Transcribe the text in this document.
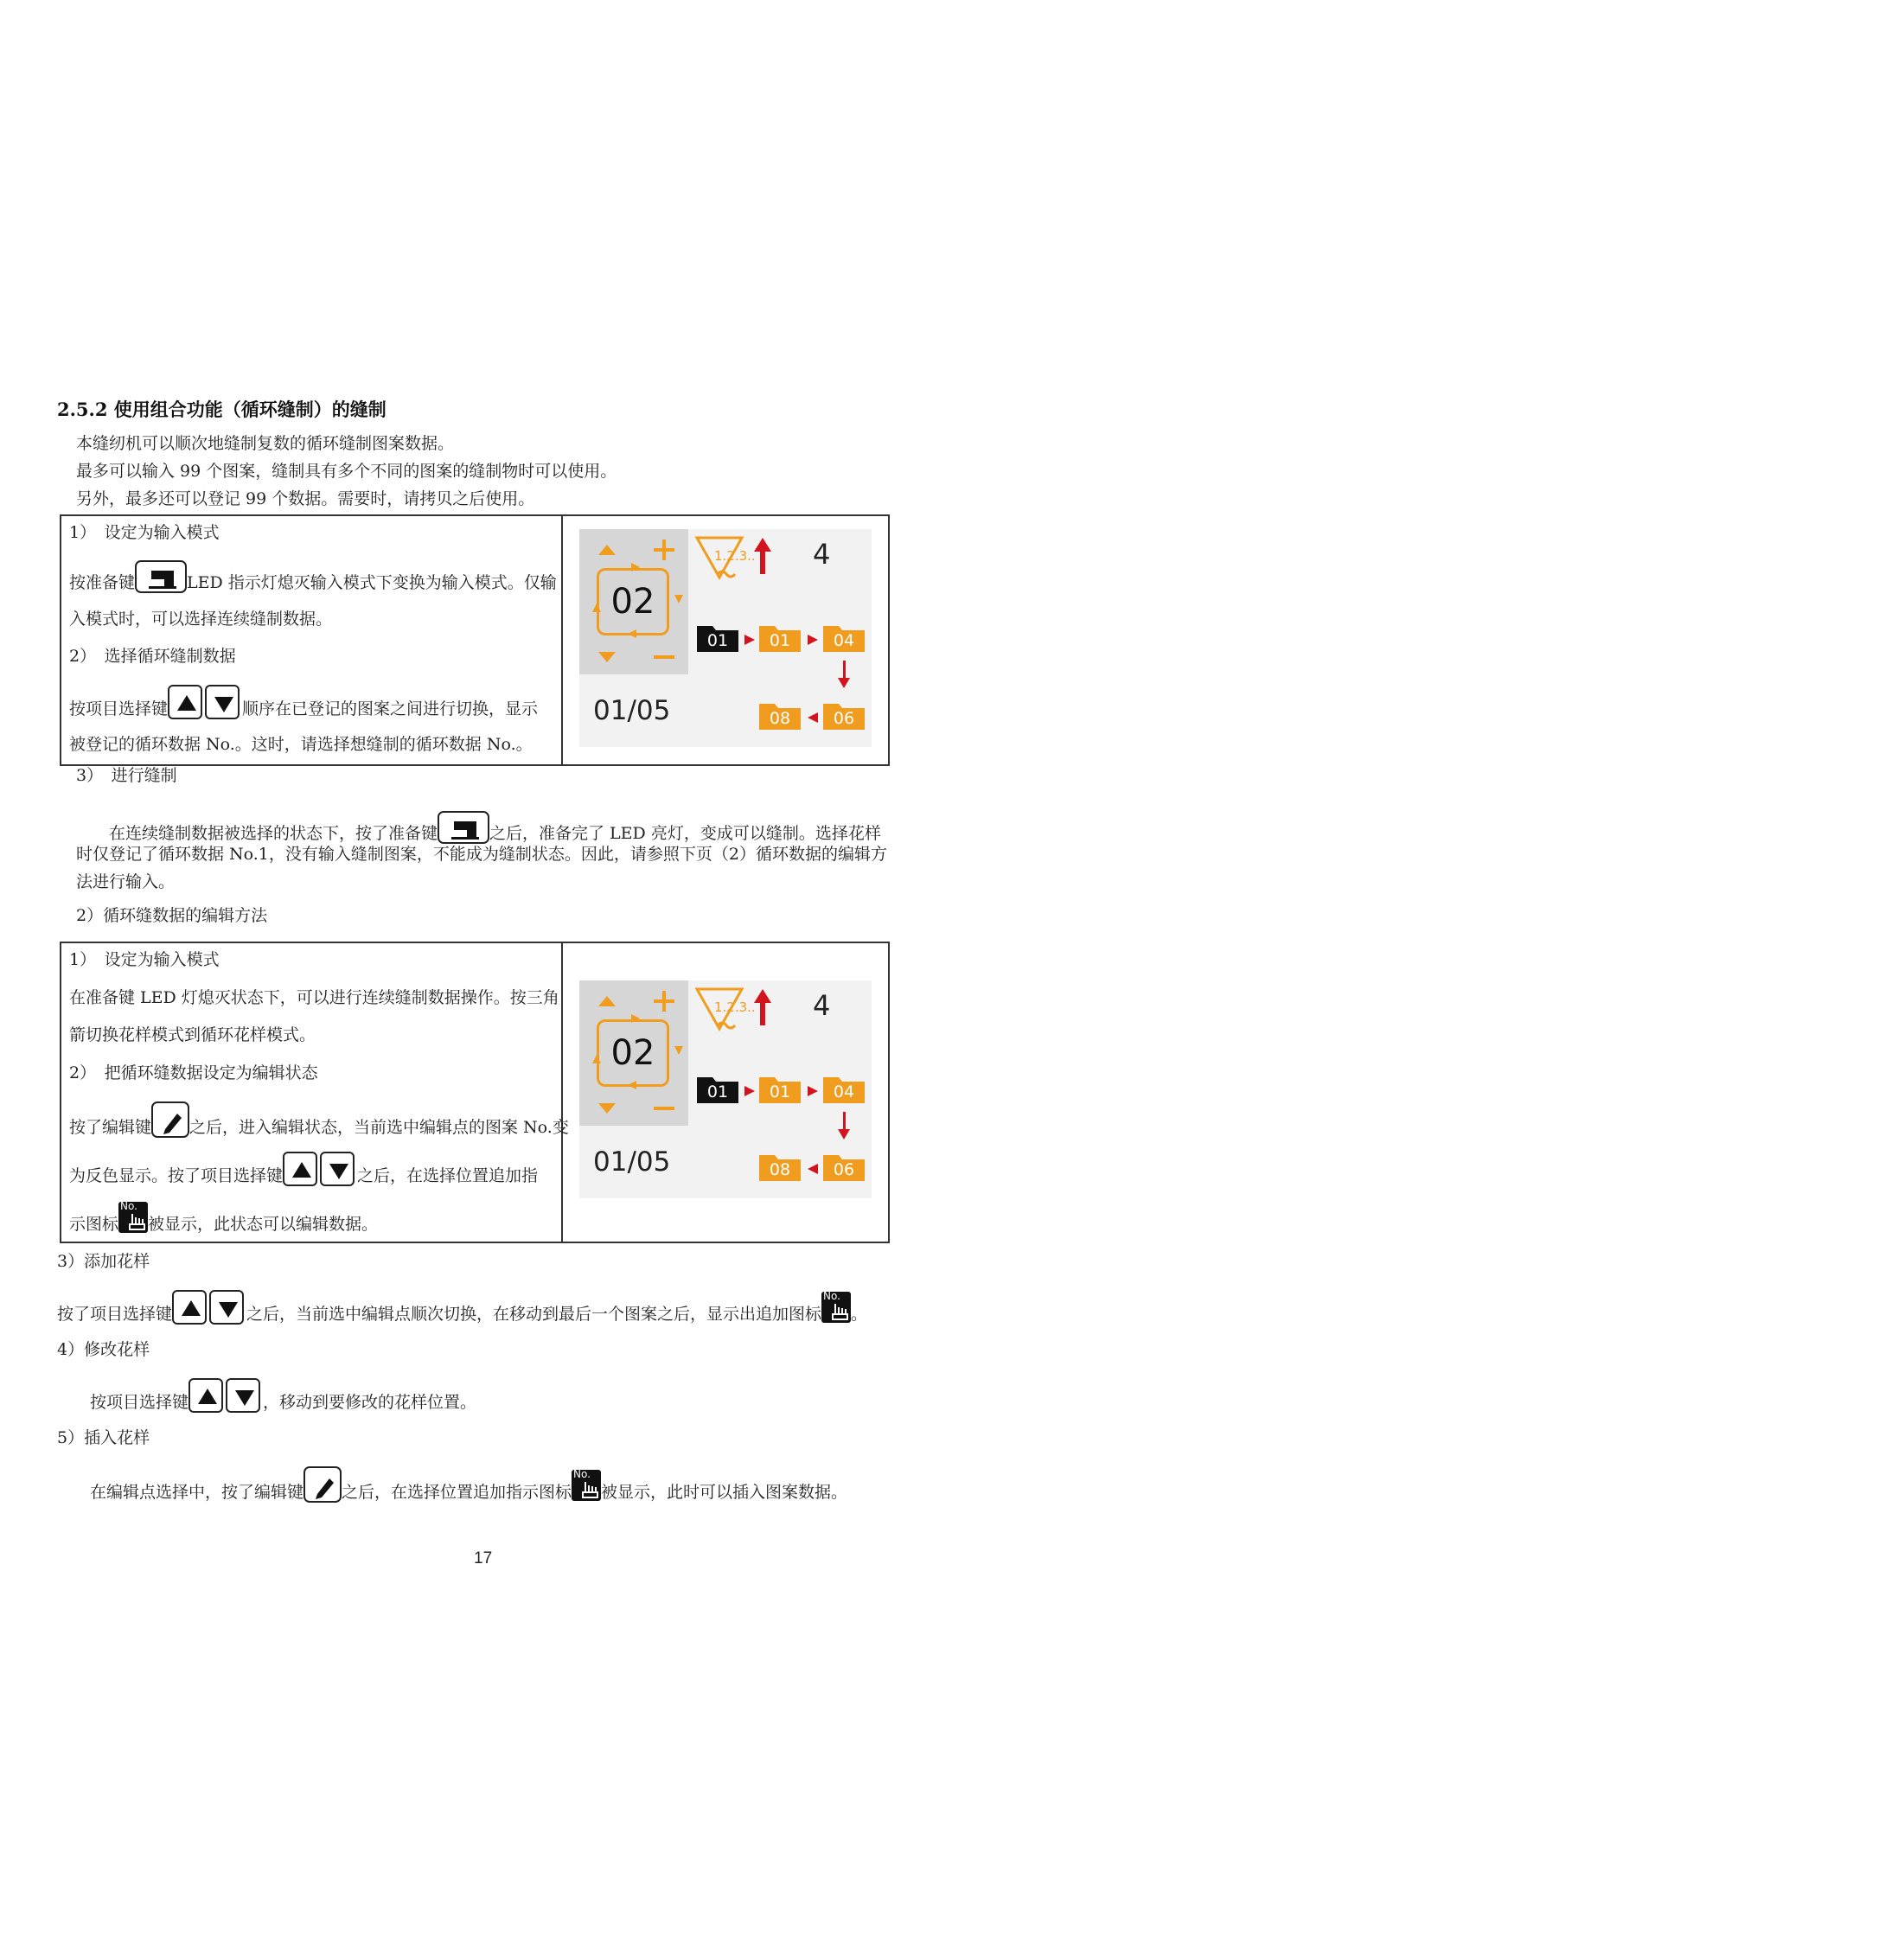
2.5.2 使用组合功能（循环缝制）的缝制
本缝纫机可以顺次地缝制复数的循环缝制图案数据。
最多可以输入 99 个图案，缝制具有多个不同的图案的缝制物时可以使用。
另外，最多还可以登记 99 个数据。需要时，请拷贝之后使用。
1）　设定为输入模式
按准备键	LED 指示灯熄灭输入模式下变换为输入模式。仅输
入模式时，可以选择连续缝制数据。
2）　选择循环缝制数据
按项目选择键	顺序在已登记的图案之间进行切换，显示
被登记的循环数据 No.。这时，请选择想缝制的循环数据 No.。
02
1.2.3.. 4
01	01	04
08	06
01/05
3）　进行缝制
在连续缝制数据被选择的状态下，按了准备键	之后，准备完了 LED 亮灯，变成可以缝制。选择花样
时仅登记了循环数据 No.1，没有输入缝制图案，不能成为缝制状态。因此，请参照下页（2）循环数据的编辑方
法进行输入。
2）循环缝数据的编辑方法
1）　设定为输入模式
在准备键 LED 灯熄灭状态下，可以进行连续缝制数据操作。按三角
箭切换花样模式到循环花样模式。
2）　把循环缝数据设定为编辑状态
按了编辑键 之后，进入编辑状态，当前选中编辑点的图案 No.变
为反色显示。按了项目选择键	之后，在选择位置追加指
示图标
No.
被显示，此状态可以编辑数据。
02
1.2.3.. 4
01	01	04
08	06
01/05
3）添加花样
按了项目选择键	之后，当前选中编辑点顺次切换，在移动到最后一个图案之后，显示出追加图标
No.
。
4）修改花样
按项目选择键	，移动到要修改的花样位置。
5）插入花样
在编辑点选择中，按了编辑键 之后，在选择位置追加指示图标
No.
被显示，此时可以插入图案数据。
17
